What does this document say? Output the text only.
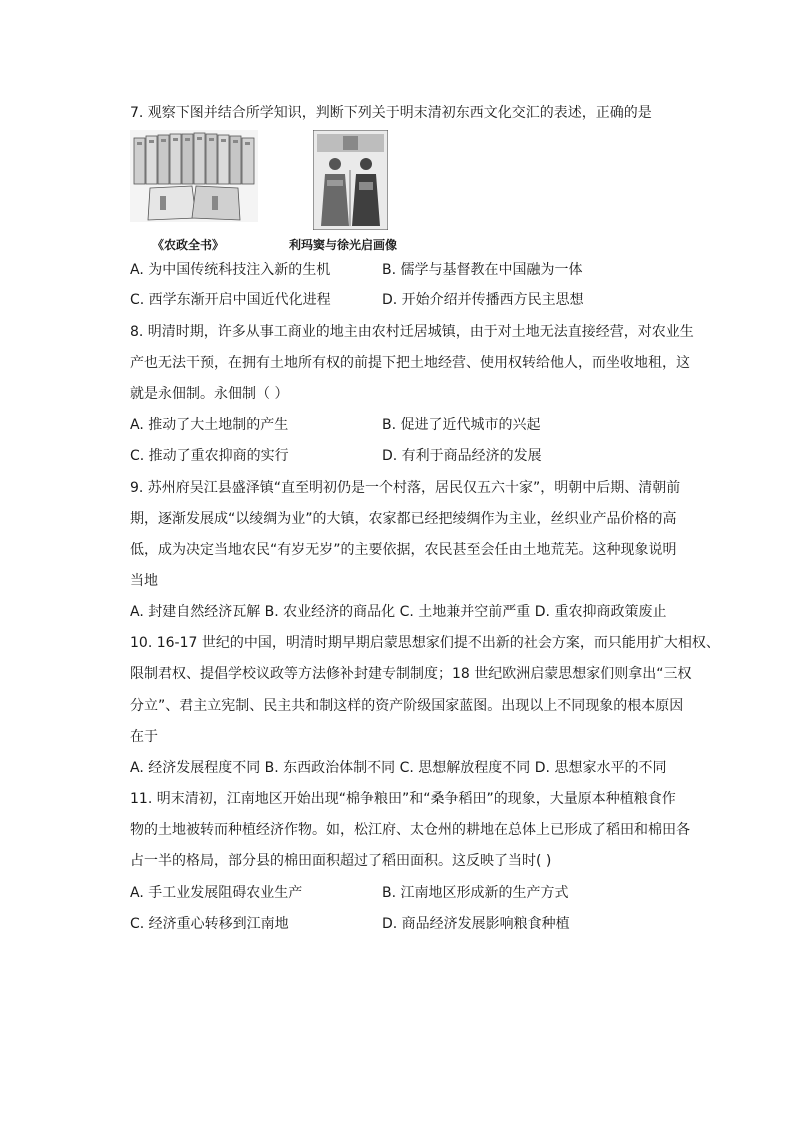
7. 观察下图并结合所学知识，判断下列关于明末清初东西文化交汇的表述，正确的是
《农政全书》	利玛窦与徐光启画像
A. 为中国传统科技注入新的生机	B. 儒学与基督教在中国融为一体
C. 西学东渐开启中国近代化进程	D. 开始介绍并传播西方民主思想
8. 明清时期，许多从事工商业的地主由农村迁居城镇，由于对土地无法直接经营，对农业生
产也无法干预，在拥有土地所有权的前提下把土地经营、使用权转给他人，而坐收地租，这
就是永佃制。永佃制（ ）
A. 推动了大土地制的产生	B. 促进了近代城市的兴起
C. 推动了重农抑商的实行	D. 有利于商品经济的发展
9. 苏州府吴江县盛泽镇“直至明初仍是一个村落，居民仅五六十家”，明朝中后期、清朝前
期，逐渐发展成“以绫绸为业”的大镇，农家都已经把绫绸作为主业，丝织业产品价格的高
低，成为决定当地农民“有岁无岁”的主要依据，农民甚至会任由土地荒芜。这种现象说明
当地
A. 封建自然经济瓦解 B. 农业经济的商品化 C. 土地兼并空前严重 D. 重农抑商政策废止
10. 16-17 世纪的中国，明清时期早期启蒙思想家们提不出新的社会方案，而只能用扩大相权、
限制君权、提倡学校议政等方法修补封建专制制度；18 世纪欧洲启蒙思想家们则拿出“三权
分立”、君主立宪制、民主共和制这样的资产阶级国家蓝图。出现以上不同现象的根本原因
在于
A. 经济发展程度不同 B. 东西政治体制不同 C. 思想解放程度不同 D. 思想家水平的不同
11. 明末清初，江南地区开始出现“棉争粮田”和“桑争稻田”的现象，大量原本种植粮食作
物的土地被转而种植经济作物。如，松江府、太仓州的耕地在总体上已形成了稻田和棉田各
占一半的格局，部分县的棉田面积超过了稻田面积。这反映了当时( )
A. 手工业发展阻碍农业生产	B. 江南地区形成新的生产方式
C. 经济重心转移到江南地	D. 商品经济发展影响粮食种植
